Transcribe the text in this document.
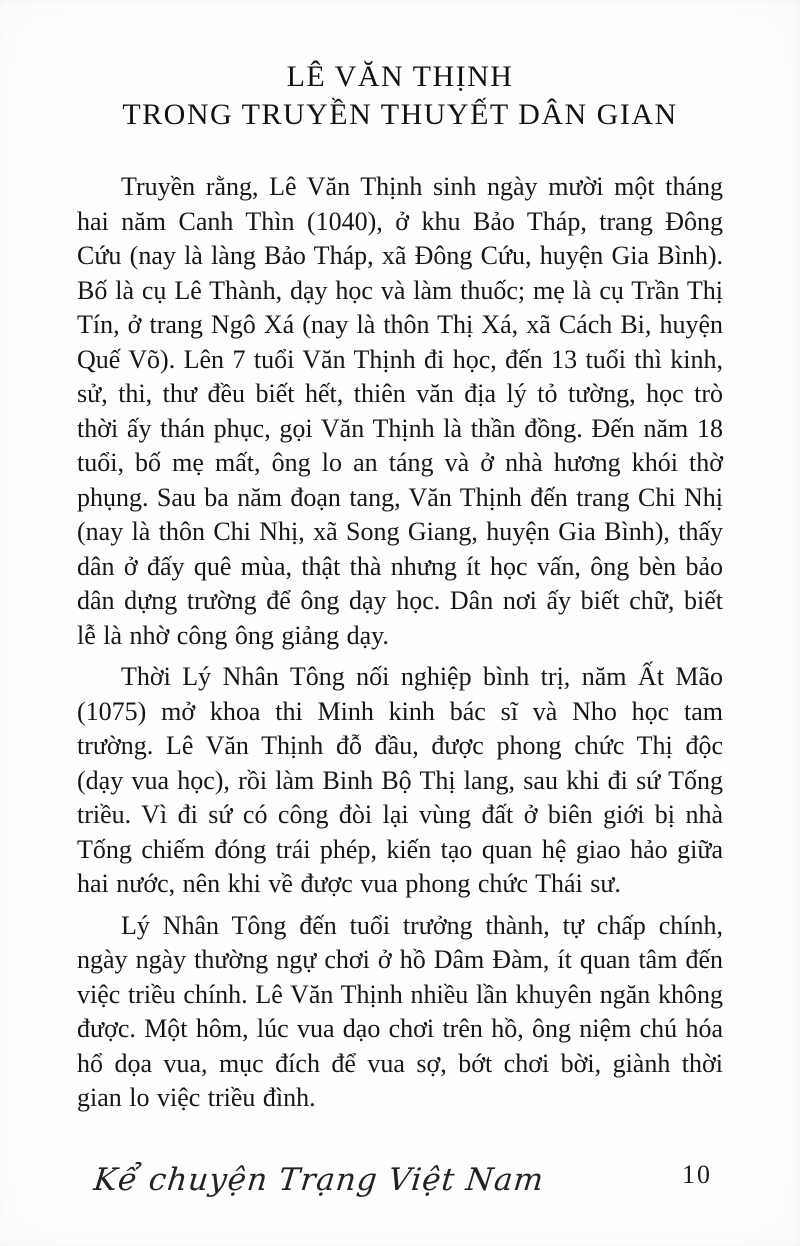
LÊ VĂN THỊNH
TRONG TRUYỀN THUYẾT DÂN GIAN

Truyền rằng, Lê Văn Thịnh sinh ngày mười một tháng hai năm Canh Thìn (1040), ở khu Bảo Tháp, trang Đông Cứu (nay là làng Bảo Tháp, xã Đông Cứu, huyện Gia Bình). Bố là cụ Lê Thành, dạy học và làm thuốc; mẹ là cụ Trần Thị Tín, ở trang Ngô Xá (nay là thôn Thị Xá, xã Cách Bi, huyện Quế Võ). Lên 7 tuổi Văn Thịnh đi học, đến 13 tuổi thì kinh, sử, thi, thư đều biết hết, thiên văn địa lý tỏ tường, học trò thời ấy thán phục, gọi Văn Thịnh là thần đồng. Đến năm 18 tuổi, bố mẹ mất, ông lo an táng và ở nhà hương khói thờ phụng. Sau ba năm đoạn tang, Văn Thịnh đến trang Chi Nhị (nay là thôn Chi Nhị, xã Song Giang, huyện Gia Bình), thấy dân ở đấy quê mùa, thật thà nhưng ít học vấn, ông bèn bảo dân dựng trường để ông dạy học. Dân nơi ấy biết chữ, biết lễ là nhờ công ông giảng dạy.

Thời Lý Nhân Tông nối nghiệp bình trị, năm Ất Mão (1075) mở khoa thi Minh kinh bác sĩ và Nho học tam trường. Lê Văn Thịnh đỗ đầu, được phong chức Thị độc (dạy vua học), rồi làm Binh Bộ Thị lang, sau khi đi sứ Tống triều. Vì đi sứ có công đòi lại vùng đất ở biên giới bị nhà Tống chiếm đóng trái phép, kiến tạo quan hệ giao hảo giữa hai nước, nên khi về được vua phong chức Thái sư.

Lý Nhân Tông đến tuổi trưởng thành, tự chấp chính, ngày ngày thường ngự chơi ở hồ Dâm Đàm, ít quan tâm đến việc triều chính. Lê Văn Thịnh nhiều lần khuyên ngăn không được. Một hôm, lúc vua dạo chơi trên hồ, ông niệm chú hóa hổ dọa vua, mục đích để vua sợ, bớt chơi bời, giành thời gian lo việc triều đình.

Kể chuyện Trạng Việt Nam	10
